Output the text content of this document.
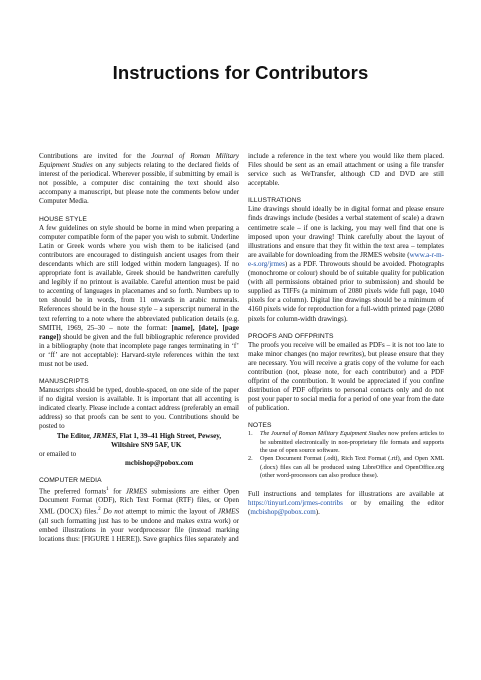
Instructions for Contributors

Contributions are invited for the Journal of Roman Military Equipment Studies on any subjects relating to the declared fields of interest of the periodical. Wherever possible, if submitting by email is not possible, a computer disc containing the text should also accompany a manuscript, but please note the comments below under Computer Media.

HOUSE STYLE

A few guidelines on style should be borne in mind when preparing a computer compatible form of the paper you wish to submit. Underline Latin or Greek words where you wish them to be italicised (and contributors are encouraged to distinguish ancient usages from their descendants which are still lodged within modern languages). If no appropriate font is available, Greek should be handwritten carefully and legibly if no printout is available. Careful attention must be paid to accenting of languages in placenames and so forth. Numbers up to ten should be in words, from 11 onwards in arabic numerals. References should be in the house style – a superscript numeral in the text referring to a note where the abbreviated publication details (e.g. SMITH, 1969, 25–30 – note the format: [name], [date], [page range]) should be given and the full bibliographic reference provided in a bibliography (note that incomplete page ranges terminating in ‘f’ or ‘ff’ are not acceptable): Harvard-style references within the text must not be used.

MANUSCRIPTS

Manuscripts should be typed, double-spaced, on one side of the paper if no digital version is available. It is important that all accenting is indicated clearly. Please include a contact address (preferably an email address) so that proofs can be sent to you. Contributions should be posted to

The Editor, JRMES, Flat 1, 39–41 High Street, Pewsey,

Wiltshire SN9 5AF, UK

or emailed to

mcbishop@pobox.com

COMPUTER MEDIA

The preferred formats$^1$ for JRMES submissions are either Open Document Format (ODF), Rich Text Format (RTF) files, or Open XML (DOCX) files.$^2$ Do not attempt to mimic the layout of JRMES (all such formatting just has to be undone and makes extra work) or embed illustrations in your wordprocessor file (instead marking locations thus: [FIGURE 1 HERE]). Save graphics files separately and

include a reference in the text where you would like them placed. Files should be sent as an email attachment or using a file transfer service such as WeTransfer, although CD and DVD are still acceptable.

ILLUSTRATIONS

Line drawings should ideally be in digital format and please ensure finds drawings include (besides a verbal statement of scale) a drawn centimetre scale – if one is lacking, you may well find that one is imposed upon your drawing! Think carefully about the layout of illustrations and ensure that they fit within the text area – templates are available for downloading from the JRMES website (www.a-r-m-e-s.org/jrmes) as a PDF. Throwouts should be avoided. Photographs (monochrome or colour) should be of suitable quality for publication (with all permissions obtained prior to submission) and should be supplied as TIFFs (a minimum of 2080 pixels wide full page, 1040 pixels for a column). Digital line drawings should be a minimum of 4160 pixels wide for reproduction for a full-width printed page (2080 pixels for column-width drawings).

PROOFS AND OFFPRINTS

The proofs you receive will be emailed as PDFs – it is not too late to make minor changes (no major rewrites), but please ensure that they are necessary. You will receive a gratis copy of the volume for each contribution (not, please note, for each contributor) and a PDF offprint of the contribution. It would be appreciated if you confine distribution of PDF offprints to personal contacts only and do not post your paper to social media for a period of one year from the date of publication.

NOTES
1.	The Journal of Roman Military Equipment Studies now prefers articles to be submitted electronically in non-proprietary file formats and supports the use of open source software.
2.	Open Document Format (.odt), Rich Text Format (.rtf), and Open XML (.docx) files can all be produced using LibreOffice and OpenOffice.org (other word-processors can also produce these).

Full instructions and templates for illustrations are available at https://tinyurl.com/jrmes-contribs or by emailing the editor (mcbishop@pobox.com).
